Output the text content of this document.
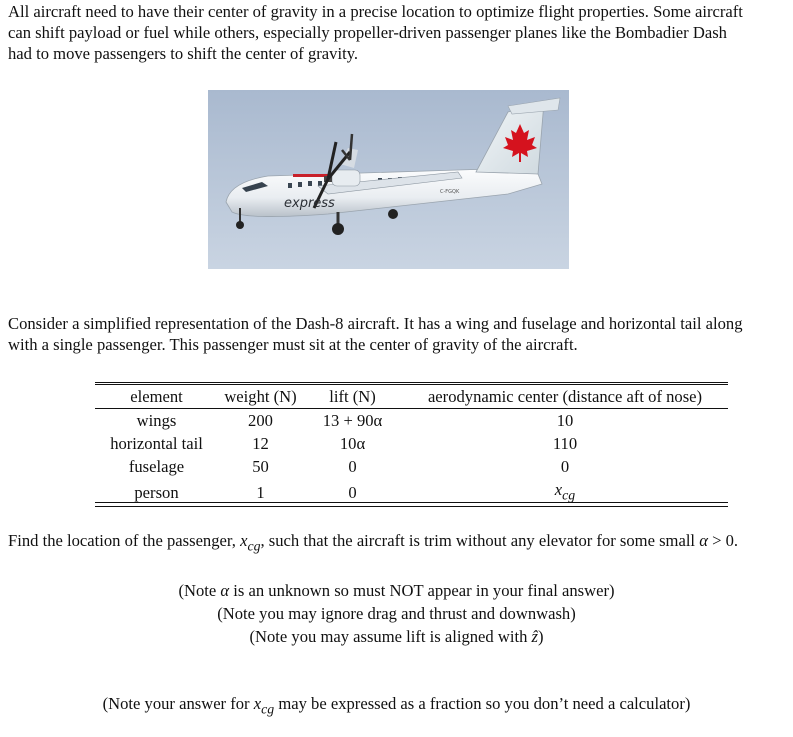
All aircraft need to have their center of gravity in a precise location to optimize flight properties. Some aircraft
can shift payload or fuel while others, especially propeller-driven passenger planes like the Bombadier Dash
had to move passengers to shift the center of gravity.
express
C-FGQK
Consider a simplified representation of the Dash-8 aircraft. It has a wing and fuselage and horizontal tail along
with a single passenger. This passenger must sit at the center of gravity of the aircraft.
element	weight (N)	lift (N)	aerodynamic center (distance aft of nose)
wings	200	13 + 90α	10
horizontal tail	12	10α	110
fuselage	50	0	0
person	1	0	$x_{cg}$
Find the location of the passenger, $x_{cg}$, such that the aircraft is trim without any elevator for some small α > 0.
(Note α is an unknown so must NOT appear in your final answer)
(Note you may ignore drag and thrust and downwash)
(Note you may assume lift is aligned with ẑ)
(Note your answer for $x_{cg}$ may be expressed as a fraction so you don’t need a calculator)
